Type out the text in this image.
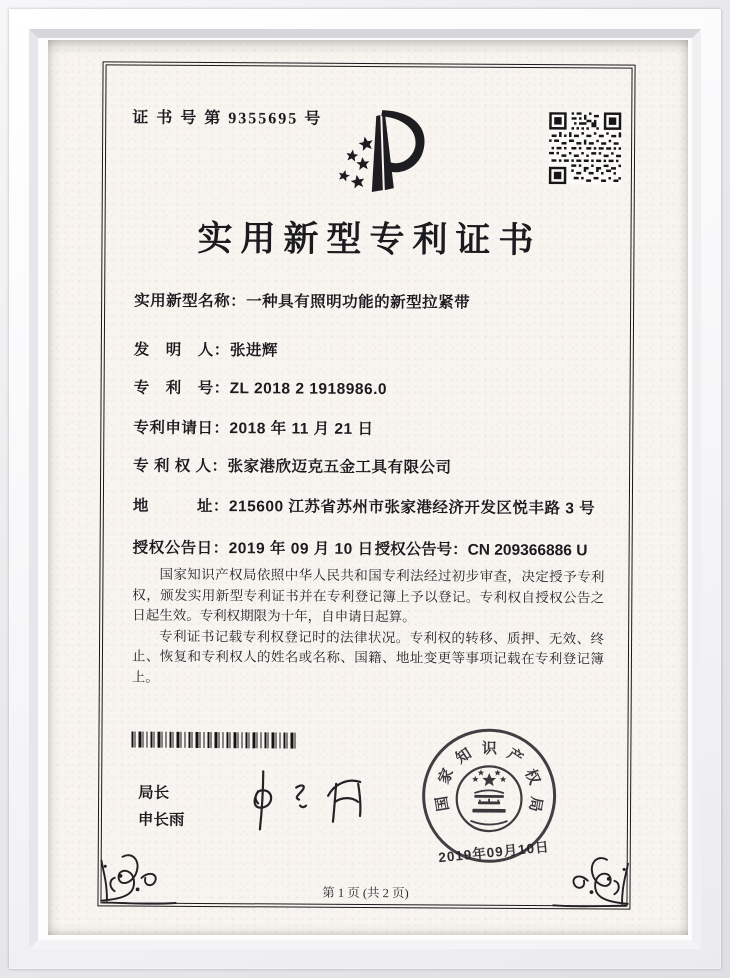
证 书 号 第 9355695 号
实用新型专利证书
实用新型名称：一种具有照明功能的新型拉紧带
发　明　人：张进辉
专　利　号：ZL 2018 2 1918986.0
专利申请日：2018 年 11 月 21 日
专 利 权 人：张家港欣迈克五金工具有限公司
地　　　址：215600 江苏省苏州市张家港经济开发区悦丰路 3 号
授权公告日：2019 年 09 月 10 日 授权公告号：CN 209366886 U

国家知识产权局依照中华人民共和国专利法经过初步审查，决定授予专利权，颁发实用新型专利证书并在专利登记簿上予以登记。专利权自授权公告之日起生效。专利权期限为十年，自申请日起算。

专利证书记载专利权登记时的法律状况。专利权的转移、质押、无效、终止、恢复和专利权人的姓名或名称、国籍、地址变更等事项记载在专利登记簿上。

局长
申长雨
国
家
知 识 产
权
局
2019年09月10日
第 1 页 (共 2 页)
